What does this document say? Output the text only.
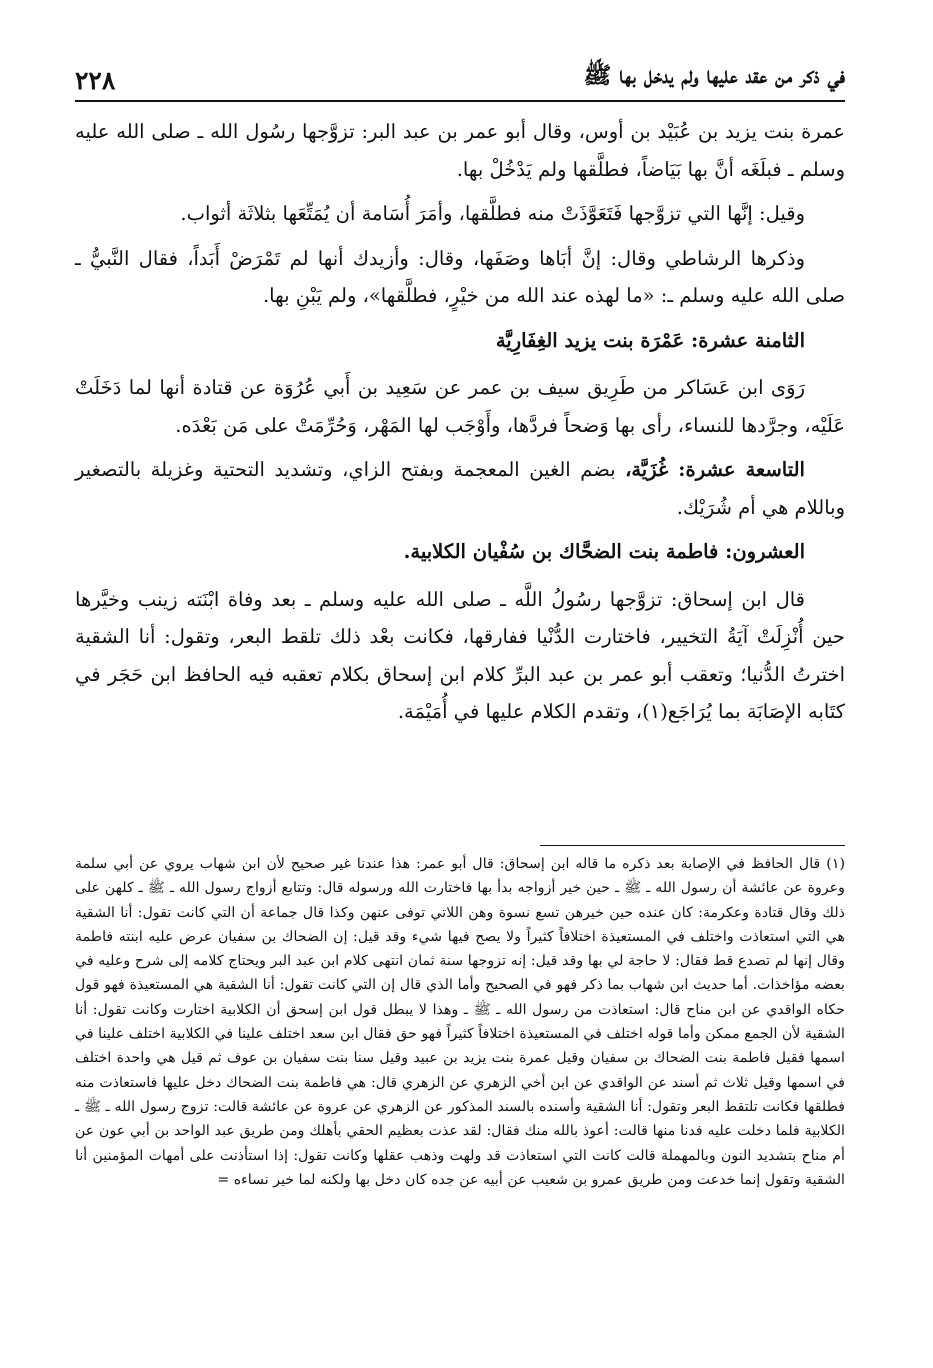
في ذكر من عقد عليها ولم يدخل بها ﷺ
٢٢٨

عمرة بنت يزيد بن عُبَيْد بن أوس، وقال أبو عمر بن عبد البر: تزوَّجها رسُول الله ـ صلى الله عليه وسلم ـ فبلَغَه أنَّ بها بَيَاضاً، فطلَّقها ولم يَدْخُلْ بها.

وقيل: إنَّها التي تزوَّجها فَتَعَوَّذَتْ منه فطلَّقها، وأمَرَ أُسَامة أن يُمَتِّعَها بثلاثَة أثواب.

وذكرها الرشاطي وقال: إنَّ أبَاها وصَفَها، وقال: وأزيدك أنها لم تَمْرَضْ أَبَداً، فقال النَّبيُّ ـ صلى الله عليه وسلم ـ: «ما لهذه عند الله من خيْرٍ، فطلَّقها»، ولم يَبْنِ بها.

الثامنة عشرة: عَمْرَة بنت يزيد الغِفَارِيَّة

رَوَى ابن عَسَاكر من طَرِيق سيف بن عمر عن سَعِيد بن أَبي عُرُوَة عن قتادة أنها لما دَخَلَتْ عَلَيْه، وجرَّدها للنساء، رأى بها وَضحاً فردَّها، وأَوْجَب لها المَهْر، وَحُرِّمَتْ على مَن بَعْدَه.

التاسعة عشرة: غُزَيَّة، بضم الغين المعجمة وبفتح الزاي، وتشديد التحتية وغزيلة بالتصغير وباللام هي أم شُرَيْك.

العشرون: فاطمة بنت الضحَّاك بن سُفْيان الكلابية.

قال ابن إسحاق: تزوَّجها رسُولُ اللَّه ـ صلى الله عليه وسلم ـ بعد وفاة ابْنَته زينب وخيَّرها حين أُنْزِلَتْ آيَةُ التخيير، فاختارت الدُّنْيا ففارقها، فكانت بعْد ذلك تلقط البعر، وتقول: أنا الشقية اخترتُ الدُّنيا؛ وتعقب أبو عمر بن عبد البرِّ كلام ابن إسحاق بكلام تعقبه فيه الحافظ ابن حَجَر في كتَابه الإصَابَة بما يُرَاجَع(١)، وتقدم الكلام عليها في أُمَيْمَة.

(١) قال الحافظ في الإصابة بعد ذكره ما قاله ابن إسحاق: قال أبو عمر: هذا عندنا غير صحيح لأن ابن شهاب يروي عن أبي سلمة وعروة عن عائشة أن رسول الله ـ ﷺ ـ حين خير أزواجه بدأ بها فاختارت الله ورسوله قال: وتتابع أزواج رسول الله ـ ﷺ ـ كلهن على ذلك وقال قتادة وعكرمة: كان عنده حين خيرهن تسع نسوة وهن اللاتي توفى عنهن وكذا قال جماعة أن التي كانت تقول: أنا الشقية هي التي استعاذت واختلف في المستعيذة اختلافاً كثيراً ولا يصح فيها شيء وقد قيل: إن الضحاك بن سفيان عرض عليه ابنته فاطمة وقال إنها لم تصدع قط فقال: لا حاجة لي بها وقد قيل: إنه تزوجها سنة ثمان انتهى كلام ابن عبد البر ويحتاج كلامه إلى شرح وعليه في بعضه مؤاخذات. أما حديث ابن شهاب بما ذكر فهو في الصحيح وأما الذي قال إن التي كانت تقول: أنا الشقية هي المستعيذة فهو قول حكاه الواقدي عن ابن مناح قال: استعاذت من رسول الله ـ ﷺ ـ وهذا لا يبطل قول ابن إسحق أن الكلابية اختارت وكانت تقول: أنا الشقية لأن الجمع ممكن وأما قوله اختلف في المستعيذة اختلافاً كثيراً فهو حق فقال ابن سعد اختلف علينا في الكلابية اختلف علينا في اسمها فقيل فاطمة بنت الضحاك بن سفيان وقيل عمرة بنت يزيد بن عبيد وقيل سنا بنت سفيان بن عوف ثم قيل هي واحدة اختلف في اسمها وقيل ثلاث ثم أسند عن الواقدي عن ابن أخي الزهري عن الزهري قال: هي فاطمة بنت الضحاك دخل عليها فاستعاذت منه فطلقها فكانت تلتقط البعر وتقول: أنا الشقية وأسنده بالسند المذكور عن الزهري عن عروة عن عائشة قالت: تزوج رسول الله ـ ﷺ ـ الكلابية فلما دخلت عليه فدنا منها قالت: أعوذ بالله منك فقال: لقد عذت بعظيم الحقي بأهلك ومن طريق عبد الواحد بن أبي عون عن أم مناح بتشديد النون وبالمهملة قالت كانت التي استعاذت قد ولهت وذهب عقلها وكانت تقول: إذا استأذنت على أمهات المؤمنين أنا الشقية وتقول إنما خدعت ومن طريق عمرو بن شعيب عن أبيه عن جده كان دخل بها ولكنه لما خير نساءه =
